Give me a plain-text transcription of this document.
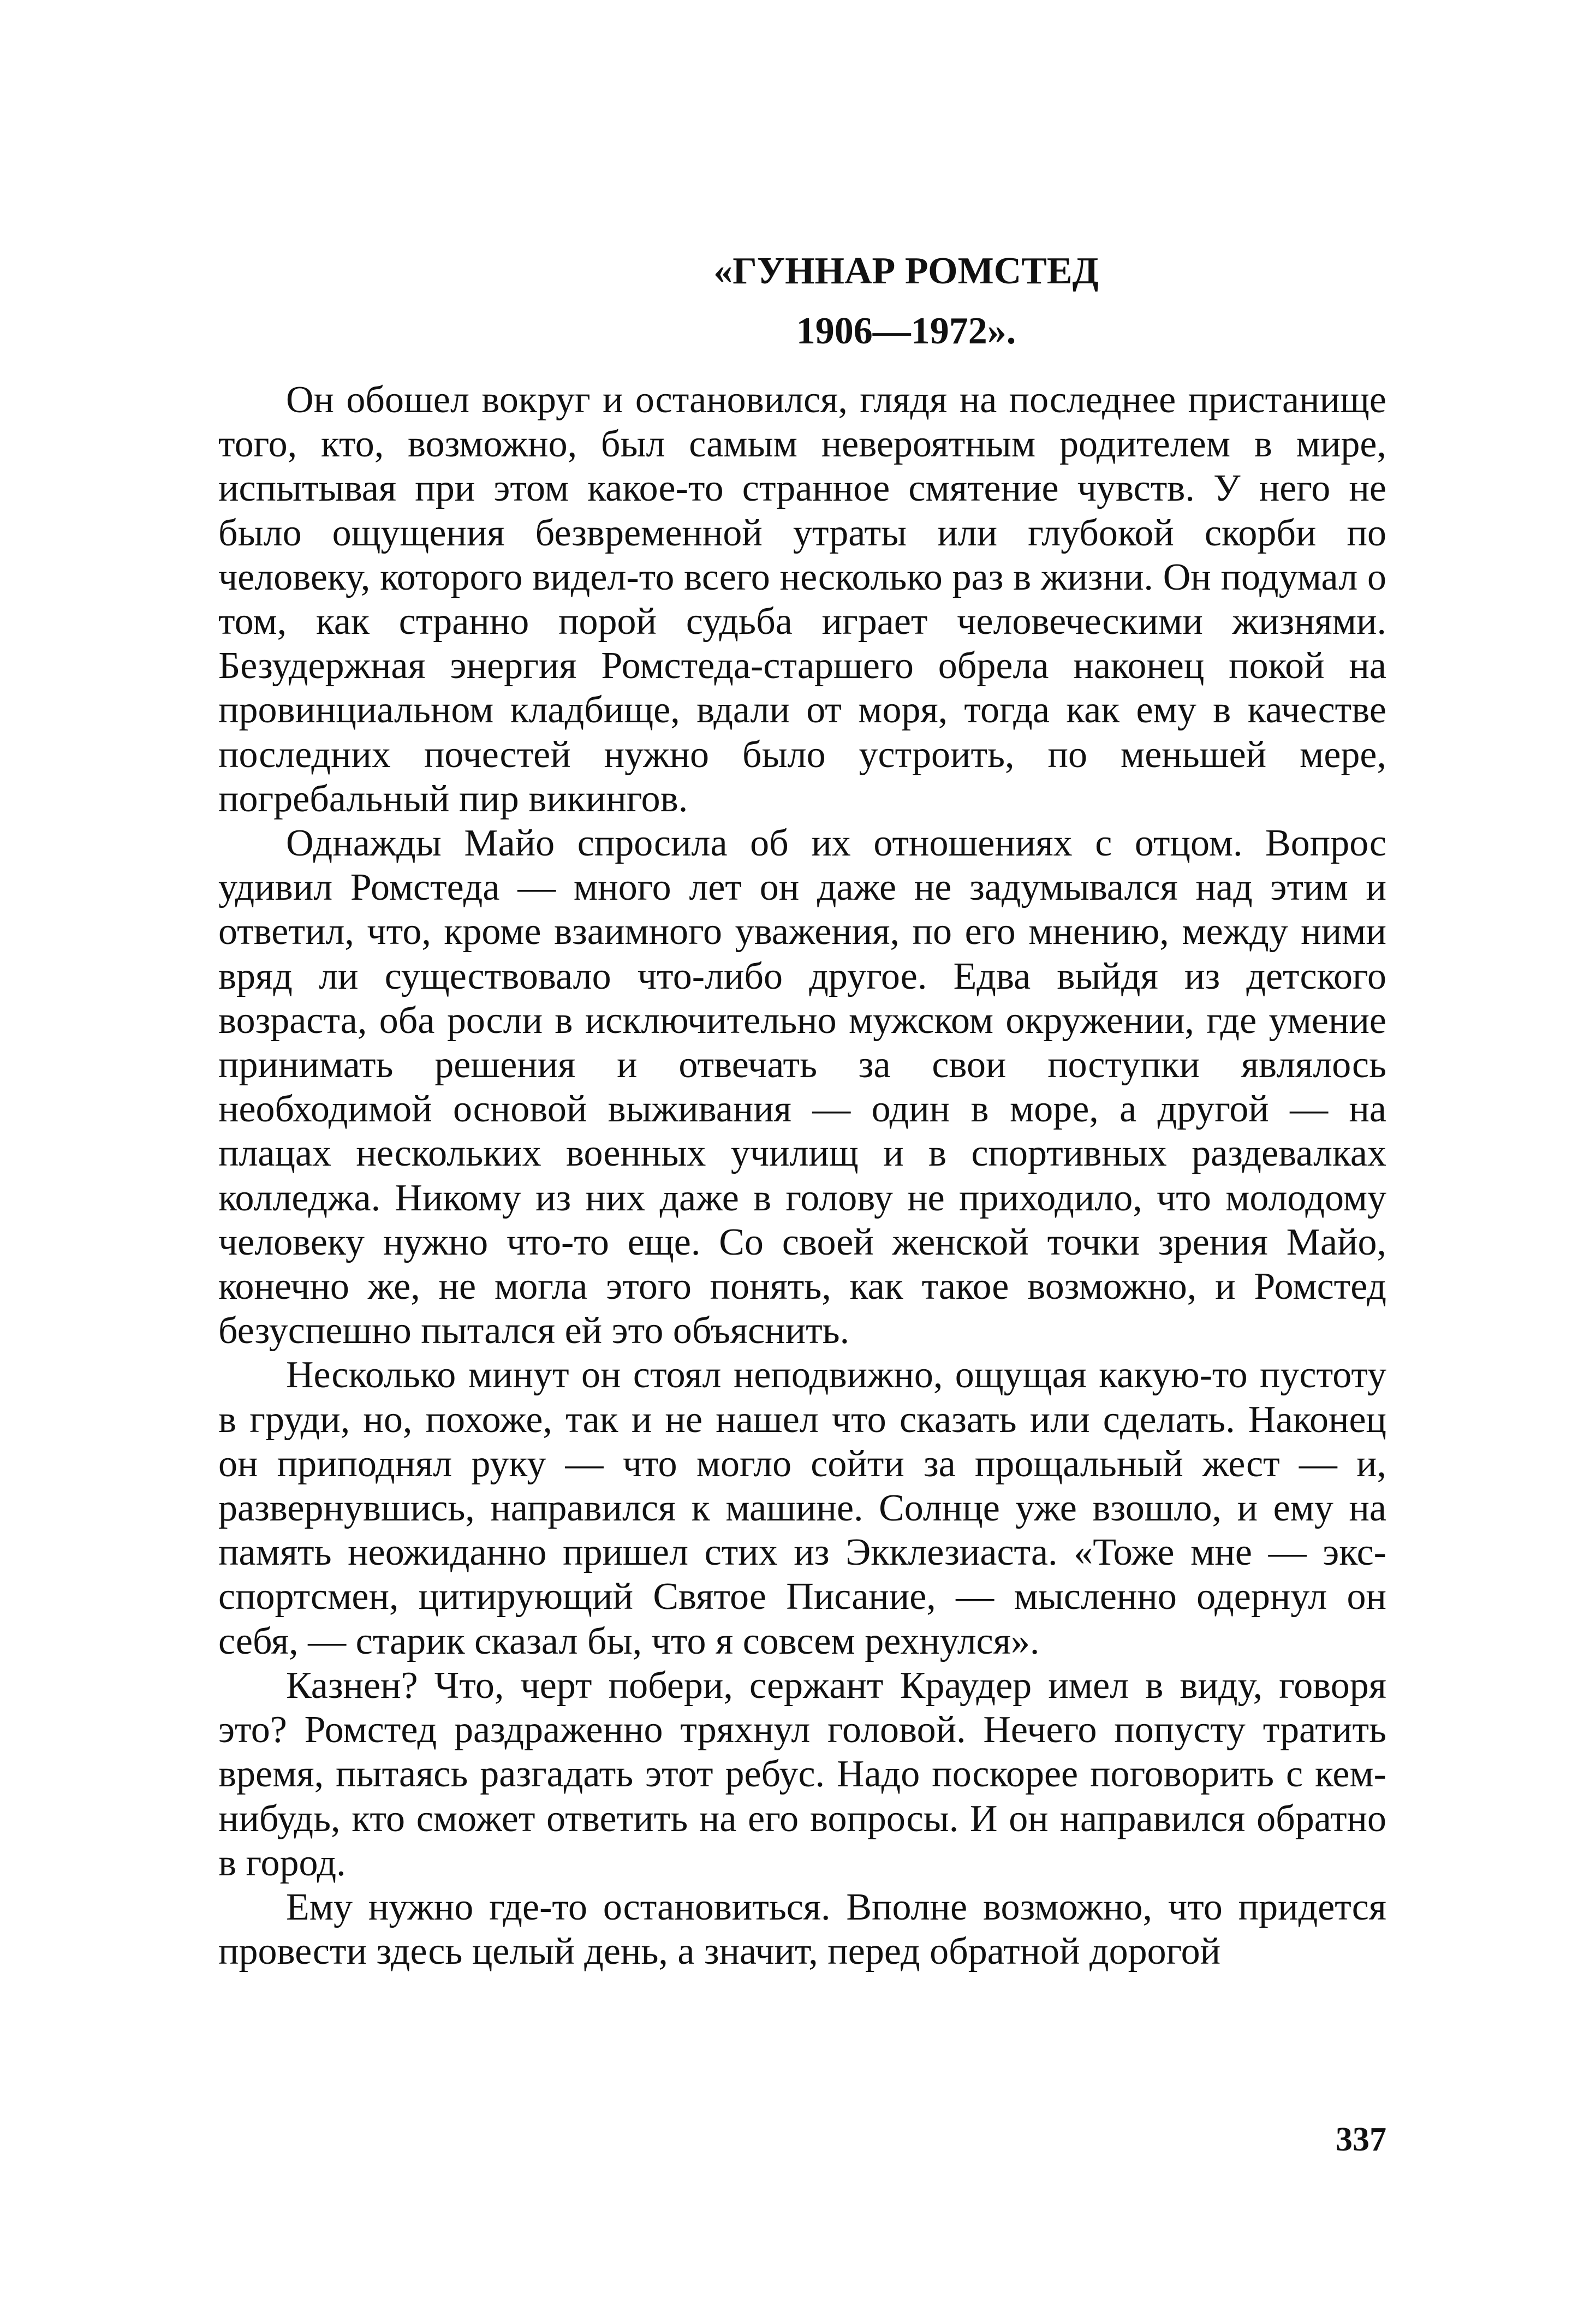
«ГУННАР РОМСТЕД
1906—1972».

Он обошел вокруг и остановился, глядя на последнее пристанище того, кто, возможно, был самым невероятным родителем в мире, испытывая при этом какое-то странное смятение чувств. У него не было ощущения безвременной утраты или глубокой скорби по человеку, которого видел-то всего несколько раз в жизни. Он подумал о том, как странно порой судьба играет человеческими жизнями. Безудержная энергия Ромстеда-старшего обрела наконец покой на провинциальном кладбище, вдали от моря, тогда как ему в качестве последних почестей нужно было устроить, по меньшей мере, погребальный пир викингов.

Однажды Майо спросила об их отношениях с отцом. Вопрос удивил Ромстеда — много лет он даже не задумывался над этим и ответил, что, кроме взаимного уважения, по его мнению, между ними вряд ли существовало что-либо другое. Едва выйдя из детского возраста, оба росли в исключительно мужском окружении, где умение принимать решения и отвечать за свои поступки являлось необходимой основой выживания — один в море, а другой — на плацах нескольких военных училищ и в спортивных раздевалках колледжа. Никому из них даже в голову не приходило, что молодому человеку нужно что-то еще. Со своей женской точки зрения Майо, конечно же, не могла этого понять, как такое возможно, и Ромстед безуспешно пытался ей это объяснить.

Несколько минут он стоял неподвижно, ощущая какую-то пустоту в груди, но, похоже, так и не нашел что сказать или сделать. Наконец он приподнял руку — что могло сойти за прощальный жест — и, развернувшись, направился к машине. Солнце уже взошло, и ему на память неожиданно пришел стих из Экклезиаста. «Тоже мне — экс-спортсмен, цитирующий Святое Писание, — мысленно одернул он себя, — старик сказал бы, что я совсем рехнулся».

Казнен? Что, черт побери, сержант Краудер имел в виду, говоря это? Ромстед раздраженно тряхнул головой. Нечего попусту тратить время, пытаясь разгадать этот ребус. Надо поскорее поговорить с кем-нибудь, кто сможет ответить на его вопросы. И он направился обратно в город.

Ему нужно где-то остановиться. Вполне возможно, что придется провести здесь целый день, а значит, перед обратной дорогой

337
